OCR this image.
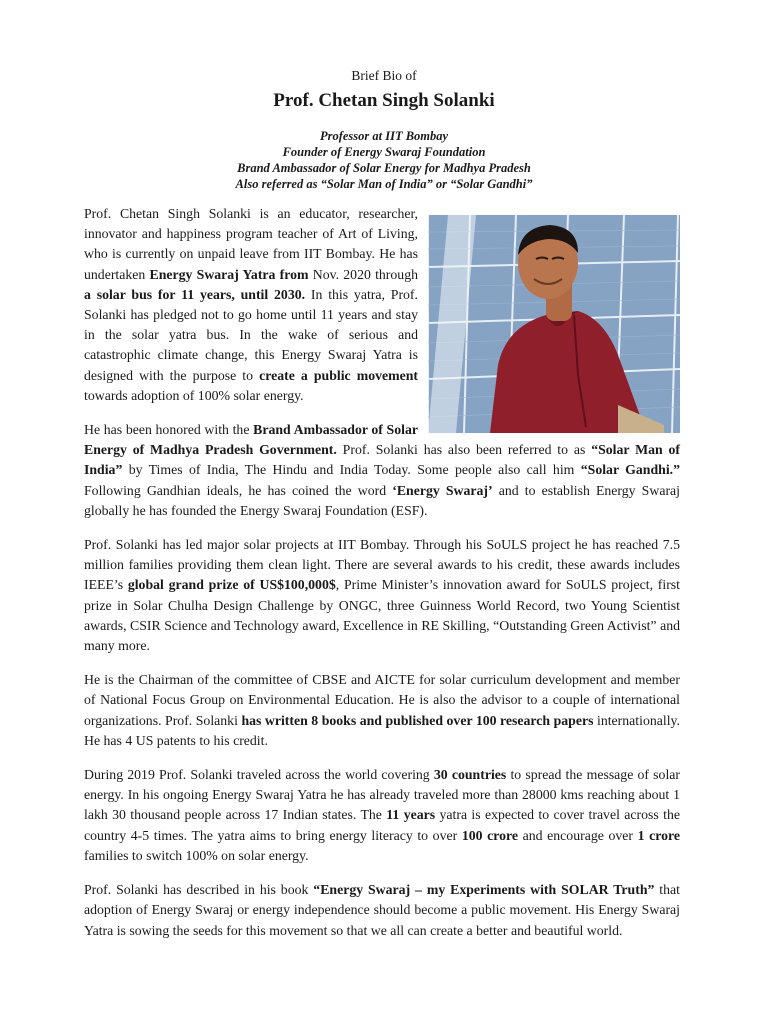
Brief Bio of
Prof. Chetan Singh Solanki
Professor at IIT Bombay
Founder of Energy Swaraj Foundation
Brand Ambassador of Solar Energy for Madhya Pradesh
Also referred as “Solar Man of India” or “Solar Gandhi”

Prof. Chetan Singh Solanki is an educator, researcher, innovator and happiness program teacher of Art of Living, who is currently on unpaid leave from IIT Bombay. He has undertaken Energy Swaraj Yatra from Nov. 2020 through a solar bus for 11 years, until 2030. In this yatra, Prof. Solanki has pledged not to go home until 11 years and stay in the solar yatra bus. In the wake of serious and catastrophic climate change, this Energy Swaraj Yatra is designed with the purpose to create a public movement towards adoption of 100% solar energy.

He has been honored with the Brand Ambassador of Solar Energy of Madhya Pradesh Government. Prof. Solanki has also been referred to as “Solar Man of India” by Times of India, The Hindu and India Today. Some people also call him “Solar Gandhi.” Following Gandhian ideals, he has coined the word ‘Energy Swaraj’ and to establish Energy Swaraj globally he has founded the Energy Swaraj Foundation (ESF).

Prof. Solanki has led major solar projects at IIT Bombay. Through his SoULS project he has reached 7.5 million families providing them clean light. There are several awards to his credit, these awards includes IEEE’s global grand prize of US$100,000$, Prime Minister’s innovation award for SoULS project, first prize in Solar Chulha Design Challenge by ONGC, three Guinness World Record, two Young Scientist awards, CSIR Science and Technology award, Excellence in RE Skilling, “Outstanding Green Activist” and many more.

He is the Chairman of the committee of CBSE and AICTE for solar curriculum development and member of National Focus Group on Environmental Education. He is also the advisor to a couple of international organizations. Prof. Solanki has written 8 books and published over 100 research papers internationally. He has 4 US patents to his credit.

During 2019 Prof. Solanki traveled across the world covering 30 countries to spread the message of solar energy. In his ongoing Energy Swaraj Yatra he has already traveled more than 28000 kms reaching about 1 lakh 30 thousand people across 17 Indian states. The 11 years yatra is expected to cover travel across the country 4-5 times. The yatra aims to bring energy literacy to over 100 crore and encourage over 1 crore families to switch 100% on solar energy.

Prof. Solanki has described in his book “Energy Swaraj – my Experiments with SOLAR Truth” that adoption of Energy Swaraj or energy independence should become a public movement. His Energy Swaraj Yatra is sowing the seeds for this movement so that we all can create a better and beautiful world.
